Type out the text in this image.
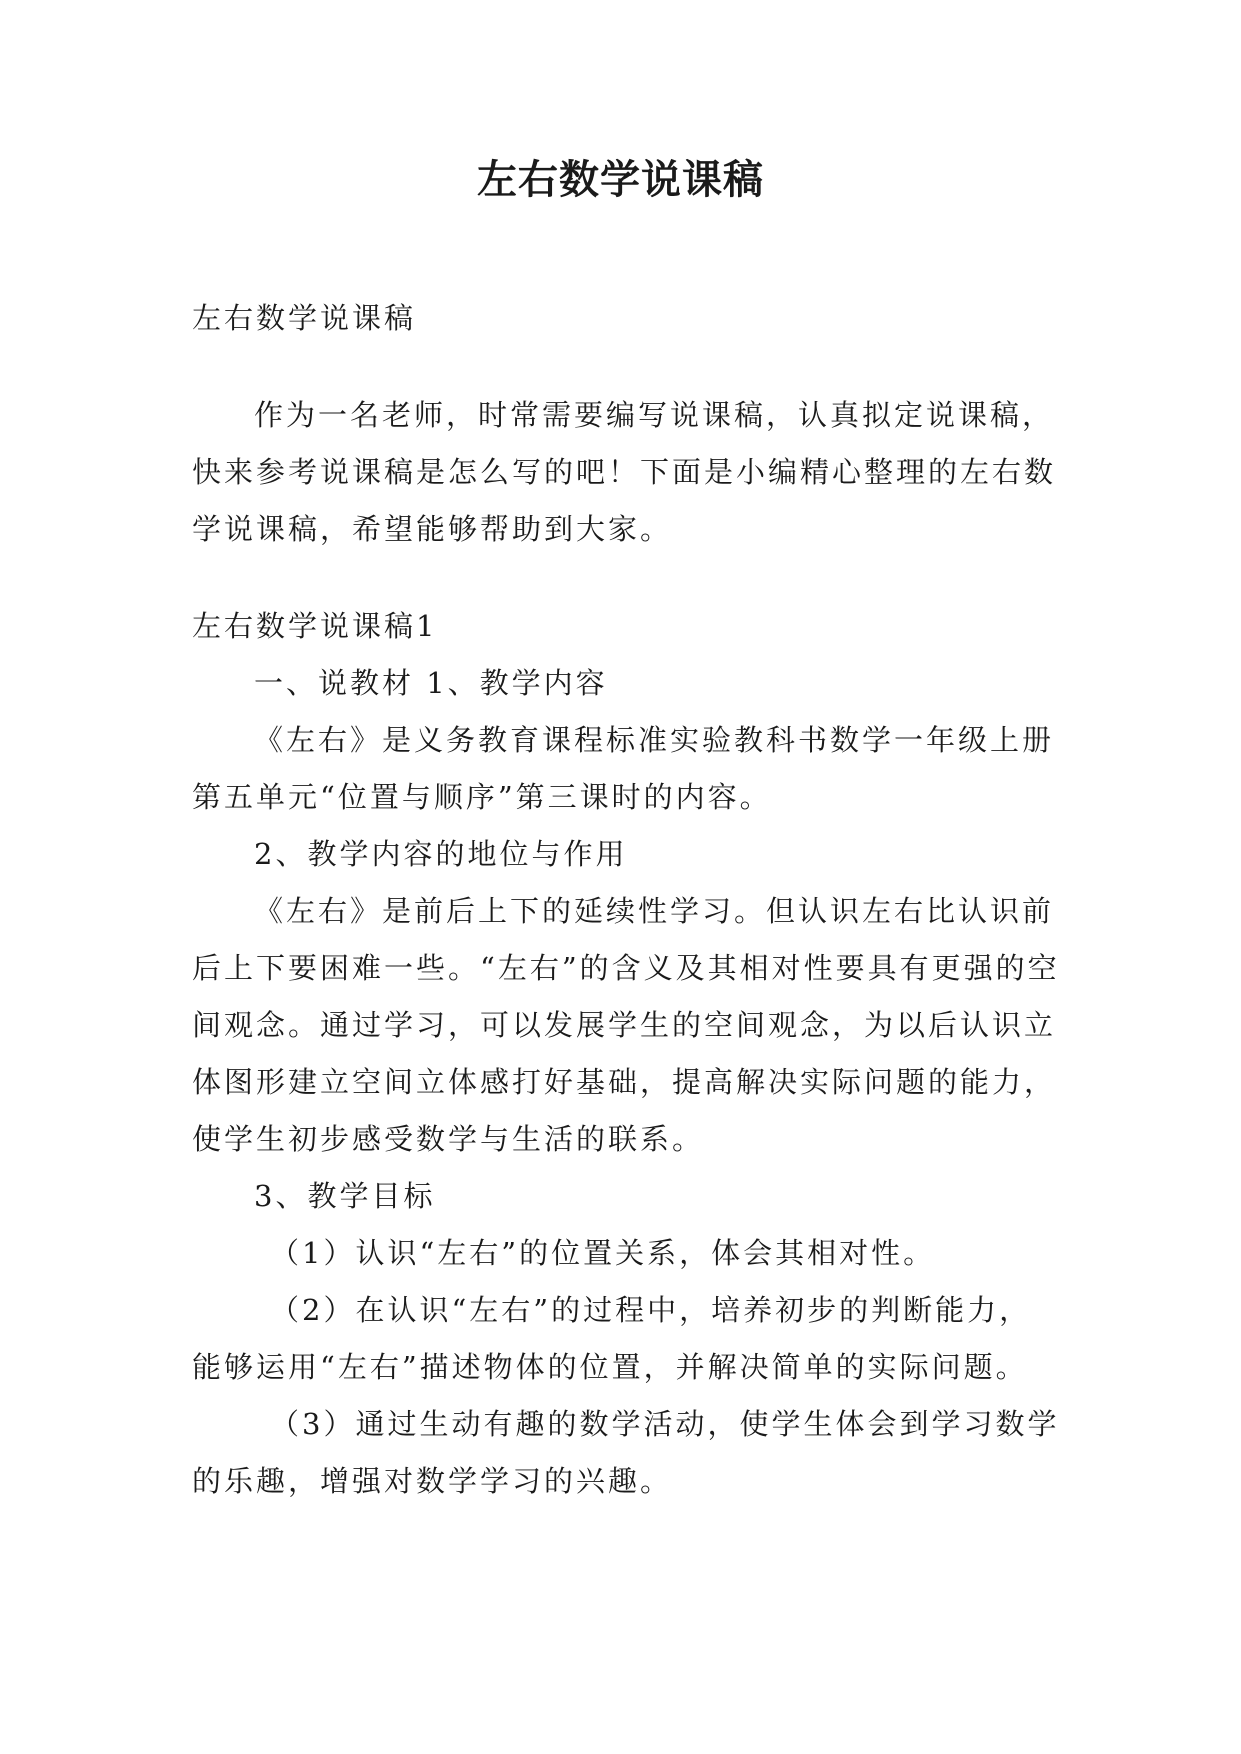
左右数学说课稿

左右数学说课稿

作为一名老师，时常需要编写说课稿，认真拟定说课稿，快来参考说课稿是怎么写的吧！下面是小编精心整理的左右数学说课稿，希望能够帮助到大家。

左右数学说课稿1

一、说教材 1、教学内容

《左右》是义务教育课程标准实验教科书数学一年级上册第五单元“位置与顺序”第三课时的内容。

2、教学内容的地位与作用

《左右》是前后上下的延续性学习。但认识左右比认识前后上下要困难一些。“左右”的含义及其相对性要具有更强的空间观念。通过学习，可以发展学生的空间观念，为以后认识立体图形建立空间立体感打好基础，提高解决实际问题的能力，使学生初步感受数学与生活的联系。

3、教学目标

（1）认识“左右”的位置关系，体会其相对性。

（2）在认识“左右”的过程中，培养初步的判断能力，能够运用“左右”描述物体的位置，并解决简单的实际问题。

（3）通过生动有趣的数学活动，使学生体会到学习数学的乐趣，增强对数学学习的兴趣。
